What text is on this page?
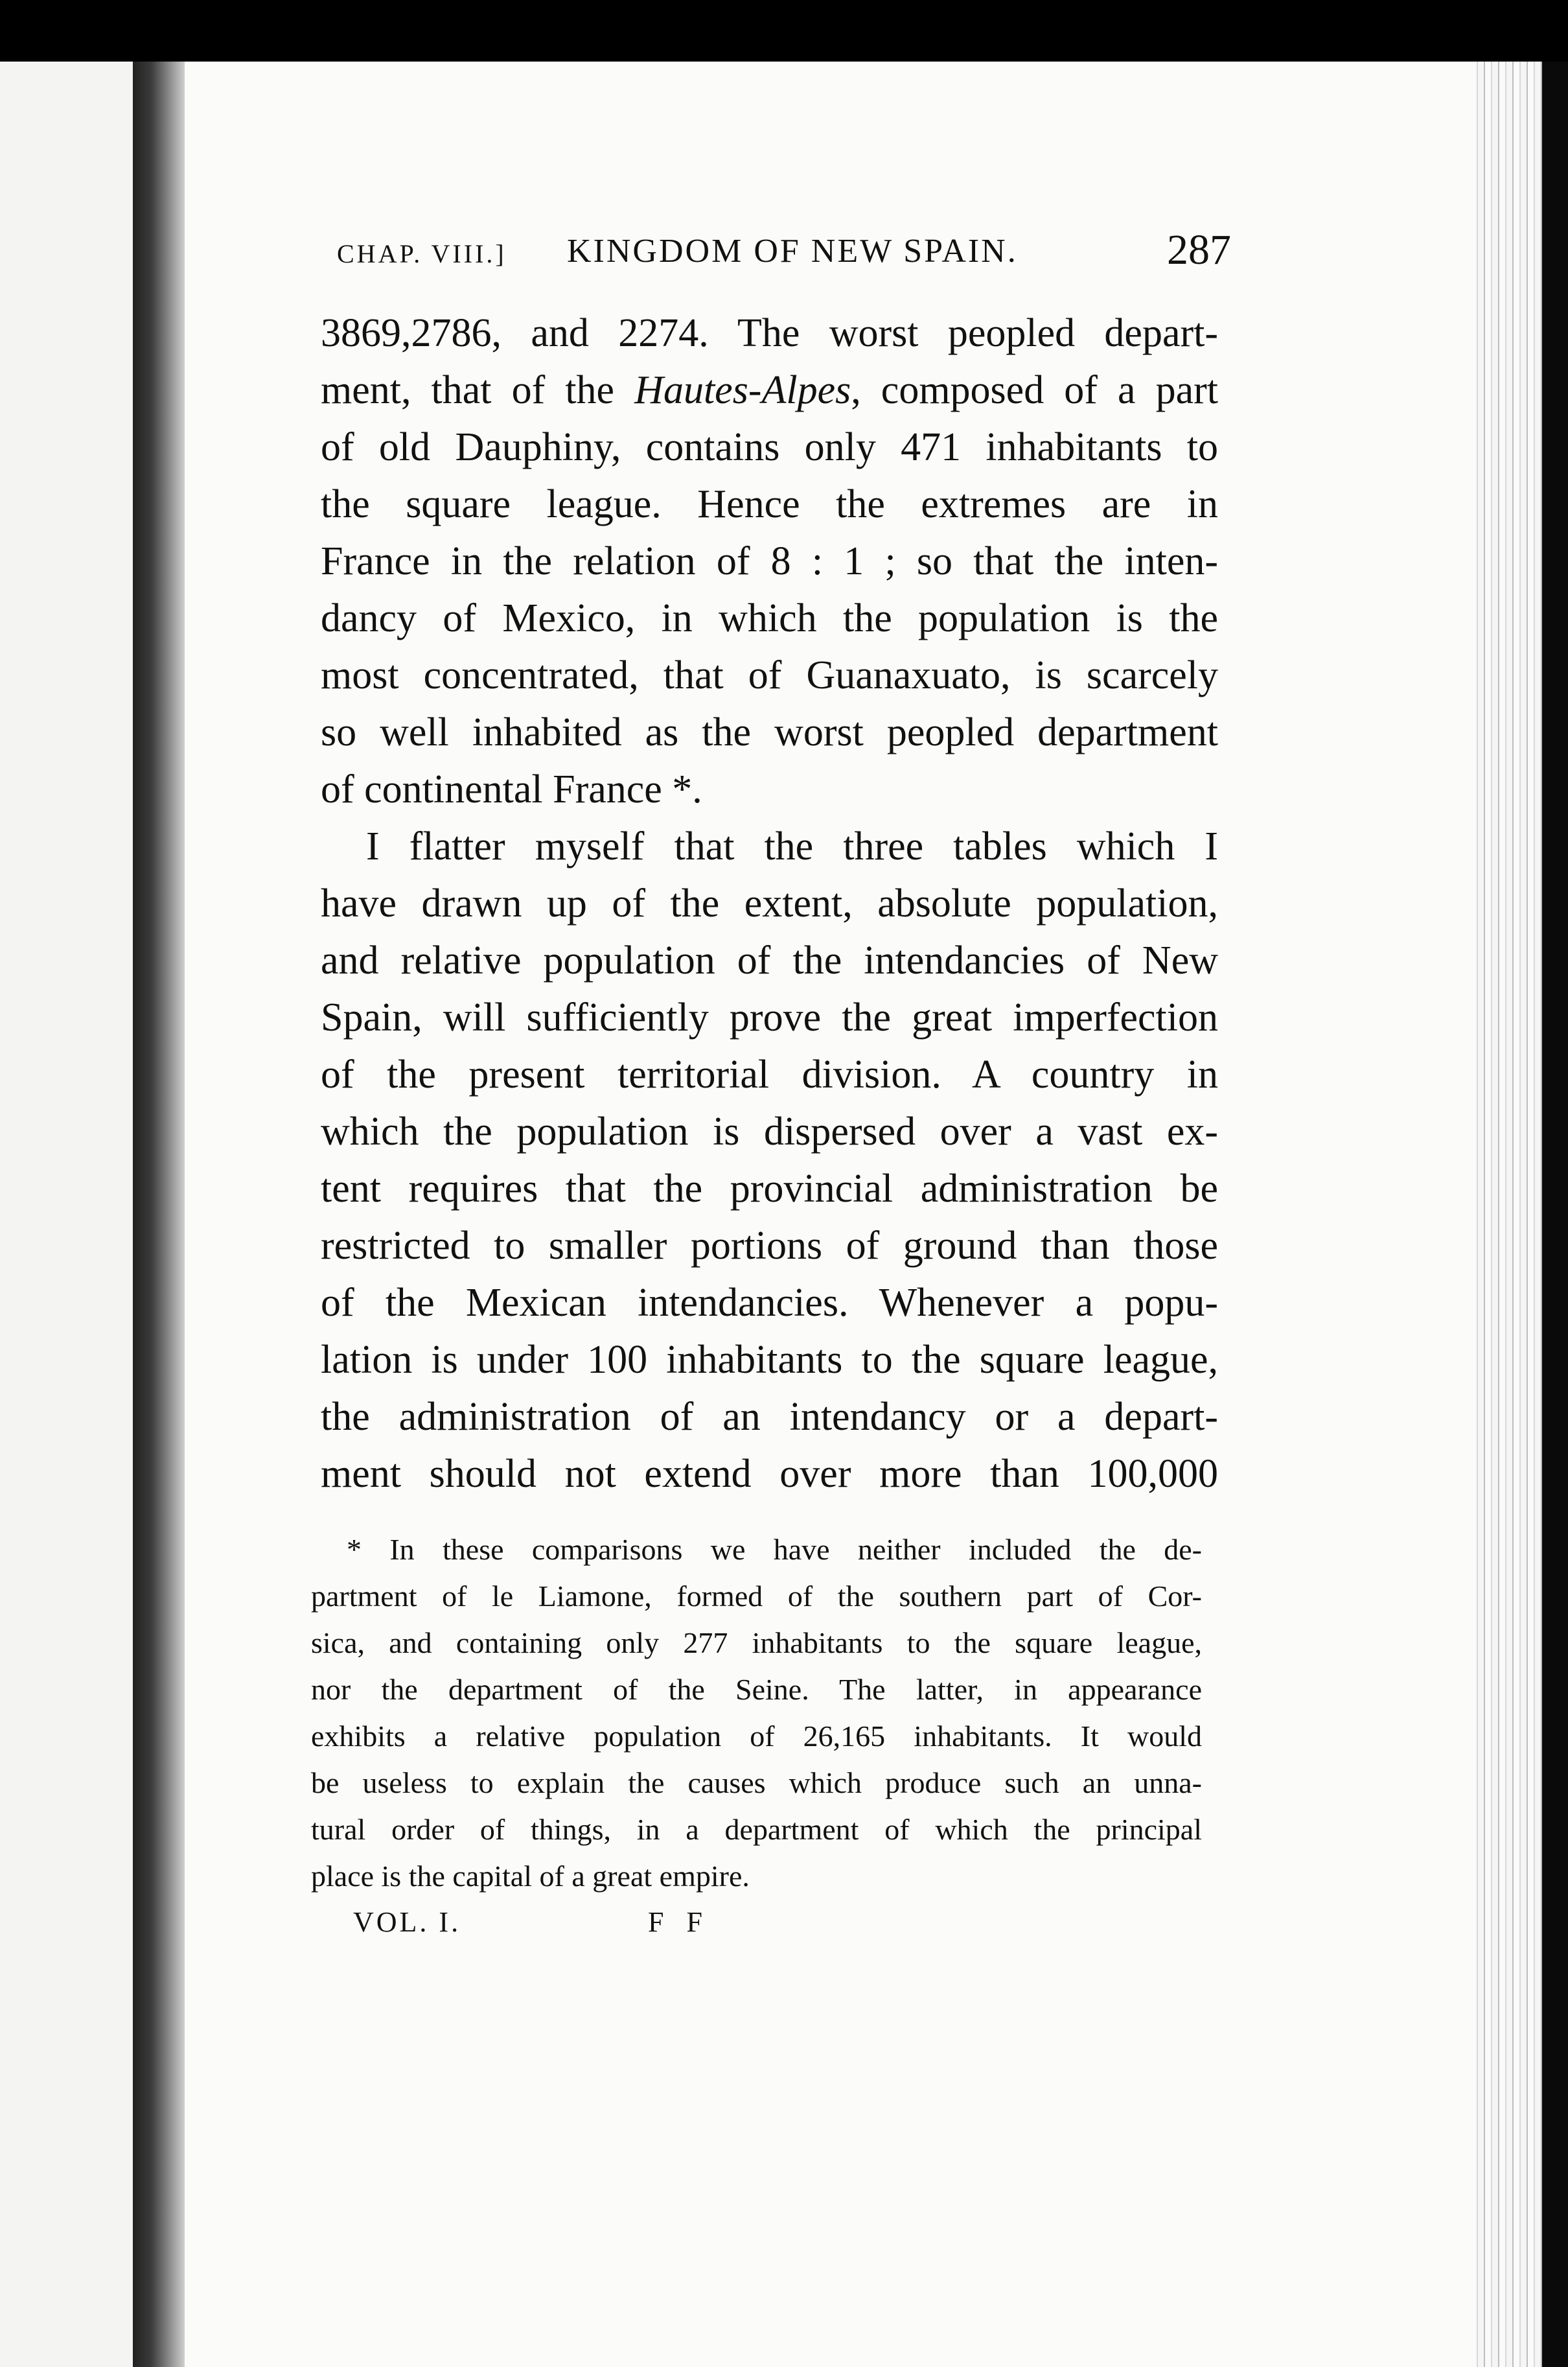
CHAP. VIII.] KINGDOM OF NEW SPAIN.	287
3869,2786, and 2274. The worst peopled depart-
ment, that of the Hautes-Alpes, composed of a part
of old Dauphiny, contains only 471 inhabitants to
the square league. Hence the extremes are in
France in the relation of 8 : 1 ; so that the inten-
dancy of Mexico, in which the population is the
most concentrated, that of Guanaxuato, is scarcely
so well inhabited as the worst peopled department
of continental France *.
I flatter myself that the three tables which I
have drawn up of the extent, absolute population,
and relative population of the intendancies of New
Spain, will sufficiently prove the great imperfection
of the present territorial division. A country in
which the population is dispersed over a vast ex-
tent requires that the provincial administration be
restricted to smaller portions of ground than those
of the Mexican intendancies. Whenever a popu-
lation is under 100 inhabitants to the square league,
the administration of an intendancy or a depart-
ment should not extend over more than 100,000
* In these comparisons we have neither included the de-
partment of le Liamone, formed of the southern part of Cor-
sica, and containing only 277 inhabitants to the square league,
nor the department of the Seine. The latter, in appearance
exhibits a relative population of 26,165 inhabitants. It would
be useless to explain the causes which produce such an unna-
tural order of things, in a department of which the principal
place is the capital of a great empire.
VOL. I.	F F
